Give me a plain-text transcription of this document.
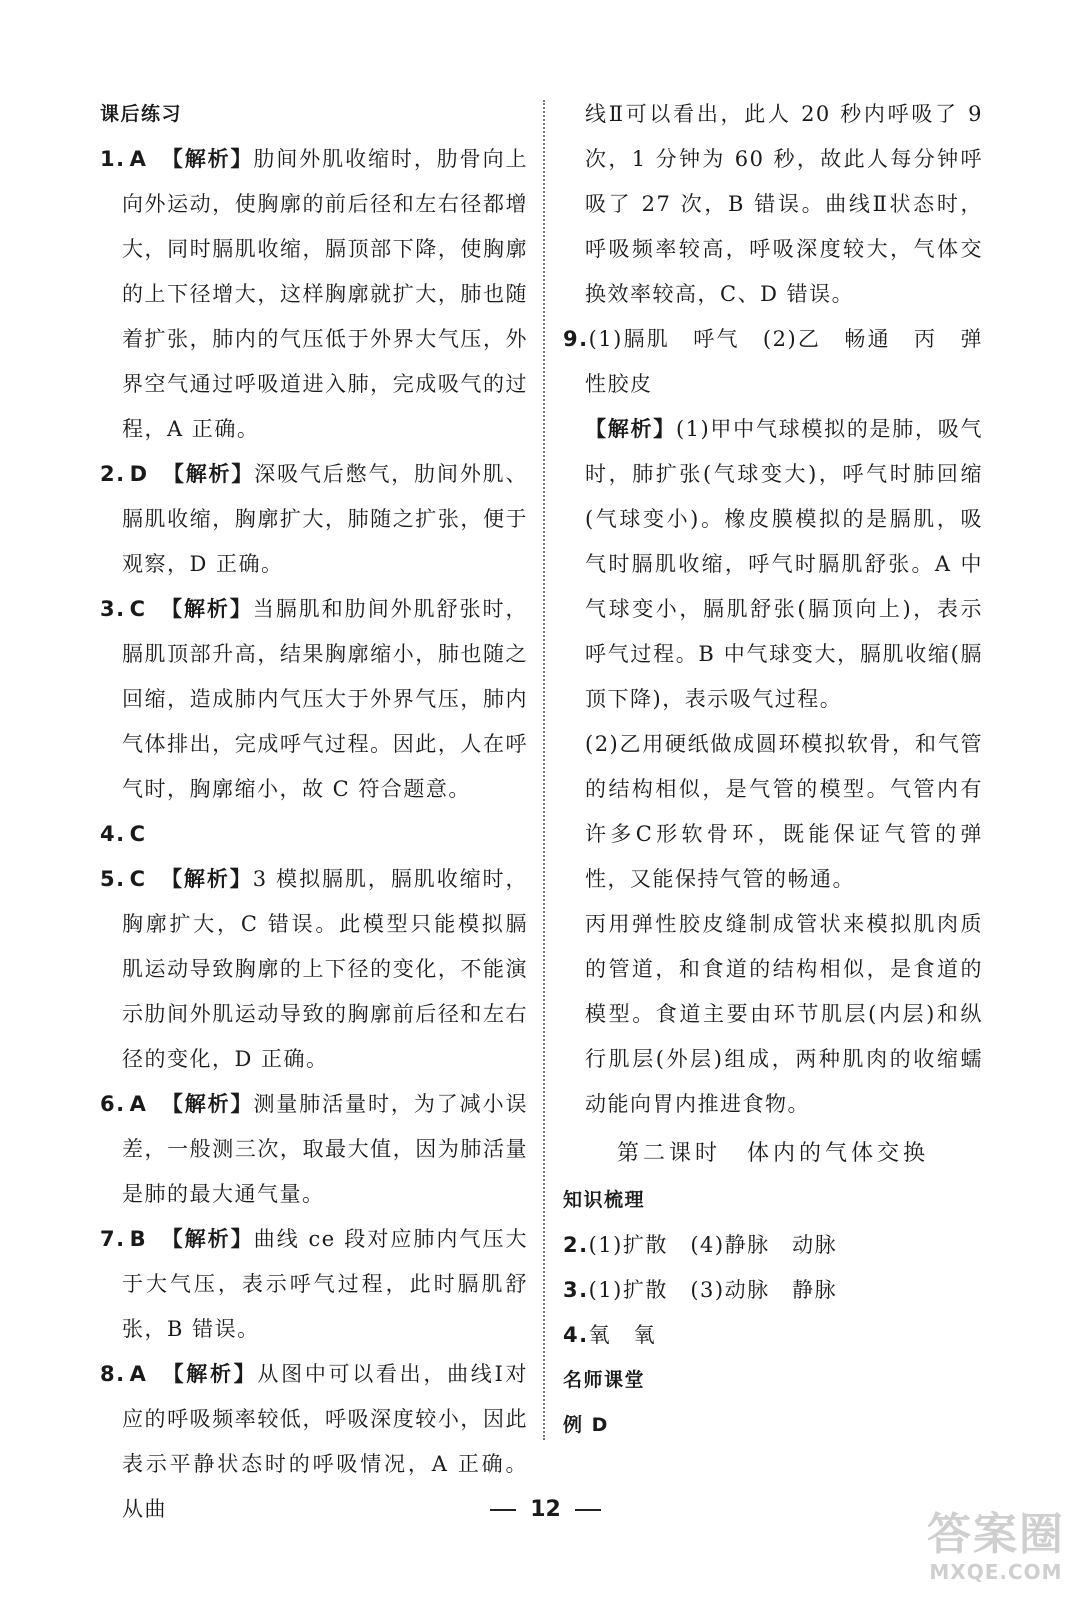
课后练习

1. A 【解析】肋间外肌收缩时，肋骨向上向外运动，使胸廓的前后径和左右径都增大，同时膈肌收缩，膈顶部下降，使胸廓的上下径增大，这样胸廓就扩大，肺也随着扩张，肺内的气压低于外界大气压，外界空气通过呼吸道进入肺，完成吸气的过程，A 正确。

2. D 【解析】深吸气后憋气，肋间外肌、膈肌收缩，胸廓扩大，肺随之扩张，便于观察，D 正确。

3. C 【解析】当膈肌和肋间外肌舒张时，膈肌顶部升高，结果胸廓缩小，肺也随之回缩，造成肺内气压大于外界气压，肺内气体排出，完成呼气过程。因此，人在呼气时，胸廓缩小，故 C 符合题意。

4. C

5. C 【解析】3 模拟膈肌，膈肌收缩时，胸廓扩大，C 错误。此模型只能模拟膈肌运动导致胸廓的上下径的变化，不能演示肋间外肌运动导致的胸廓前后径和左右径的变化，D 正确。

6. A 【解析】测量肺活量时，为了减小误差，一般测三次，取最大值，因为肺活量是肺的最大通气量。

7. B 【解析】曲线 ce 段对应肺内气压大于大气压，表示呼气过程，此时膈肌舒张，B 错误。

8. A 【解析】从图中可以看出，曲线Ⅰ对应的呼吸频率较低，呼吸深度较小，因此表示平静状态时的呼吸情况，A 正确。从曲

线Ⅱ可以看出，此人 20 秒内呼吸了 9 次，1 分钟为 60 秒，故此人每分钟呼吸了 27 次，B 错误。曲线Ⅱ状态时，呼吸频率较高，呼吸深度较大，气体交换效率较高，C、D 错误。

9.(1)膈肌　呼气　(2)乙　畅通　丙　弹性胶皮

【解析】(1)甲中气球模拟的是肺，吸气时，肺扩张(气球变大)，呼气时肺回缩(气球变小)。橡皮膜模拟的是膈肌，吸气时膈肌收缩，呼气时膈肌舒张。A 中气球变小，膈肌舒张(膈顶向上)，表示呼气过程。B 中气球变大，膈肌收缩(膈顶下降)，表示吸气过程。

(2)乙用硬纸做成圆环模拟软骨，和气管的结构相似，是气管的模型。气管内有许多C形软骨环，既能保证气管的弹性，又能保持气管的畅通。

丙用弹性胶皮缝制成管状来模拟肌肉质的管道，和食道的结构相似，是食道的模型。食道主要由环节肌层(内层)和纵行肌层(外层)组成，两种肌肉的收缩蠕动能向胃内推进食物。

第二课时　体内的气体交换

知识梳理

2.(1)扩散　(4)静脉　动脉

3.(1)扩散　(3)动脉　静脉

4.氧　氧

名师课堂

例 D

12	答案圈
MXQE.COM
